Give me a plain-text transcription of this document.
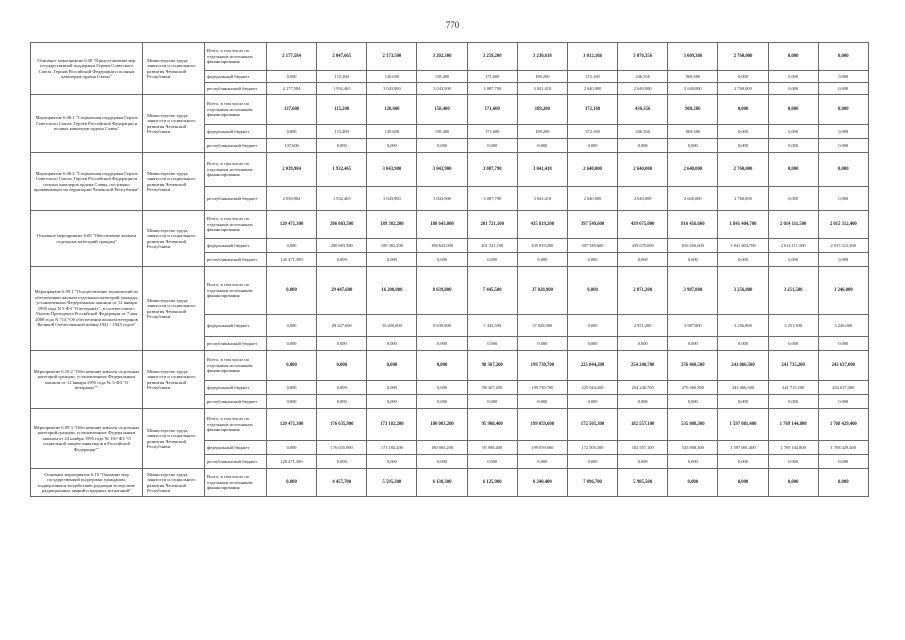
770
Основное мероприятие 6.08 "Предоставление мер государственной поддержки Героям Советского Союза, Героям Российской Федерации и полным кавалерам ордена Славы"	Министерство труда, занятости и социального развития Чеченской Республики	Всего, в том числе по отдельным источникам финансирования	2 177,584	2 047,665	2 173,500	3 202,300	3 259,200	3 230,618	3 012,168	3 076,356	3 609,386	2 760,000	0,000	0,000
		федеральный бюджет	0,000	115,200	120,600	158,400	171,600	189,200	372,168	436,356	969,386	0,000	0,000	0,000
		республиканский бюджет	2 177,584	1 932,465	3 043,900	3 043,900	3 087,790	3 041,418	2 640,000	2 640,000	2 640,000	2 760,000	0,000	0,000
Мероприятие 6.08.1 "Социальная поддержка Героев Советского Союза, Героев Российской Федерации и полных кавалеров ордена Славы"	Министерство труда, занятости и социального развития Чеченской Республики	Всего, в том числе по отдельным источникам финансирования	137,600	115,200	120,600	158,400	171,600	189,200	372,168	436,356	969,386	0,000	0,000	0,000
		федеральный бюджет	0,000	115,200	120,600	158,400	171,600	189,200	372,168	436,356	969,386	0,000	0,000	0,000
		республиканский бюджет	137,600	0,000	0,000	0,000	0,000	0,000	0,000	0,000	0,000	0,000	0,000	0,000
Мероприятие 6.08.2 "Социальная поддержка Героев Советского Союза, Героев Российской Федерации и полных кавалеров ордена Славы, постоянно проживающих на территории Чеченской Республики"	Министерство труда, занятости и социального развития Чеченской Республики	Всего, в том числе по отдельным источникам финансирования	2 039,984	1 932,465	3 043,900	3 043,900	3 087,790	3 041,418	2 640,000	2 640,000	2 640,000	2 760,000	0,000	0,000
		республиканский бюджет	2 039,984	1 932,465	3 043,900	3 043,900	3 087,790	3 041,418	2 640,000	2 640,000	2 640,000	2 760,000	0,000	0,000
Основное мероприятие 6.09 "Обеспечение жильем отдельных категорий граждан"	Министерство труда, занятости и социального развития Чеченской Республики	Всего, в том числе по отдельным источникам финансирования	120 471,300	206 083,500	189 382,200	188 643,000	201 721,100	435 819,200	397 549,600	439 675,000	816 456,600	1 841 404,700	2 014 111,500	2 015 312,400
		федеральный бюджет	0,000	206 083,500	189 382,200	188 643,000	201 721,100	435 819,200	397 549,600	439 675,000	816 456,600	1 841 404,700	2 014 111,500	2 015 312,400
		республиканский бюджет	120 471,300	0,000	0,000	0,000	0,000	0,000	0,000	0,000	0,000	0,000	0,000	0,000
Мероприятие 6.09.1 "Осуществление полномочий по обеспечению жильем отдельных категорий граждан, установленных Федеральным законом от 12 января 1995 года N 5-ФЗ "О ветеранах", в соответствии с Указом Президента Российской Федерации от 7 мая 2008 года N 714 "Об обеспечении жильем ветеранов Великой Отечественной войны 1941 - 1945 годов"	Министерство труда, занятости и социального развития Чеченской Республики	Всего, в том числе по отдельным источникам финансирования	0,000	29 447,600	16 200,000	8 639,800	7 445,500	37 028,900	0,000	2 871,200	3 987,800	3 256,800	3 251,500	3 246,000
		федеральный бюджет	0,000	29 447,600	16 200,000	8 639,800	7 445,500	37 028,900	0,000	2 871,200	3 987,800	3 256,800	3 251,500	3 246,000
		республиканский бюджет	0,000	0,000	0,000	0,000	0,000	0,000	0,000	0,000	0,000	0,000	0,000	0,000
Мероприятие 6.10.2 "Обеспечение жильем отдельных категорий граждан, установленных Федеральным законом от 12 января 1995 года № 5-ФЗ "О ветеранах""	Министерство труда, занятости и социального развития Чеченской Республики	Всего, в том числе по отдельным источникам финансирования	0,000	0,000	0,000	0,000	98 367,200	199 730,700	225 044,200	254 246,700	276 460,500	241 066,500	241 715,200	243 637,000
		федеральный бюджет	0,000	0,000	0,000	0,000	98 367,200	199 730,700	225 044,200	254 246,700	276 460,500	241 066,500	241 715,200	243 637,000
		республиканский бюджет	0,000	0,000	0,000	0,000	0,000	0,000	0,000	0,000	0,000	0,000	0,000	0,000
Мероприятие 6.09.3 "Обеспечение жильем отдельных категорий граждан, установленных Федеральным законом от 24 ноября 1995 года № 181-ФЗ "О социальной защите инвалидов в Российской Федерации""	Министерство труда, занятости и социального развития Чеченской Республики	Всего, в том числе по отдельным источникам финансирования	120 471,300	176 635,900	173 182,200	180 003,200	95 908,400	199 059,600	172 505,300	182 557,100	535 808,300	1 597 081,400	1 769 144,800	1 768 429,400
		федеральный бюджет	0,000	176 635,900	173 182,200	180 003,200	95 908,400	199 059,600	172 505,300	182 557,100	535 808,300	1 597 081,400	1 769 144,800	1 768 429,400
		республиканский бюджет	120 471,300	0,000	0,000	0,000	0,000	0,000	0,000	0,000	0,000	0,000	0,000	0,000
Основное мероприятие 6.10 "Оказание мер государственной поддержки гражданам, подвергшимся воздействию радиации вследствие радиационных аварий и ядерных испытаний"	Министерство труда, занятости и социального развития Чеченской Республики	Всего, в том числе по отдельным источникам финансирования	0,000	4 457,700	5 595,300	6 130,300	6 125,900	6 240,400	7 896,700	5 985,500	0,000	0,000	0,000	0,000
